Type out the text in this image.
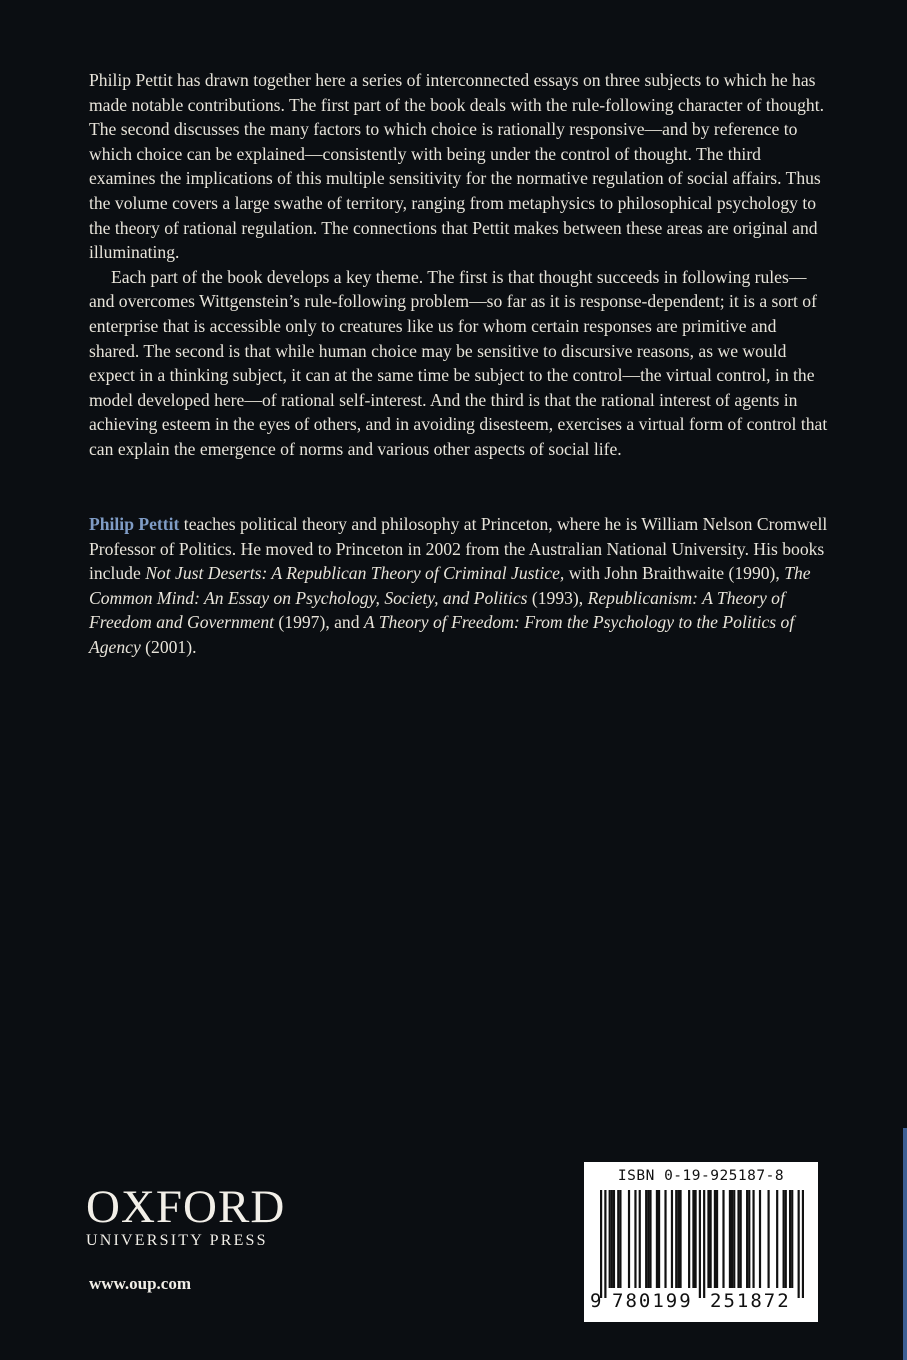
Philip Pettit has drawn together here a series of interconnected essays on three subjects to which he has made notable contributions. The first part of the book deals with the rule-following character of thought. The second discusses the many factors to which choice is rationally responsive—and by reference to which choice can be explained—consistently with being under the control of thought. The third examines the implications of this multiple sensitivity for the normative regulation of social affairs. Thus the volume covers a large swathe of territory, ranging from metaphysics to philosophical psychology to the theory of rational regulation. The connections that Pettit makes between these areas are original and illuminating.

Each part of the book develops a key theme. The first is that thought succeeds in following rules—and overcomes Wittgenstein’s rule-following problem—so far as it is response-dependent; it is a sort of enterprise that is accessible only to creatures like us for whom certain responses are primitive and shared. The second is that while human choice may be sensitive to discursive reasons, as we would expect in a thinking subject, it can at the same time be subject to the control—the virtual control, in the model developed here—of rational self-interest. And the third is that the rational interest of agents in achieving esteem in the eyes of others, and in avoiding disesteem, exercises a virtual form of control that can explain the emergence of norms and various other aspects of social life.

Philip Pettit teaches political theory and philosophy at Princeton, where he is William Nelson Cromwell Professor of Politics. He moved to Princeton in 2002 from the Australian National University. His books include Not Just Deserts: A Republican Theory of Criminal Justice, with John Braithwaite (1990), The Common Mind: An Essay on Psychology, Society, and Politics (1993), Republicanism: A Theory of Freedom and Government (1997), and A Theory of Freedom: From the Psychology to the Politics of Agency (2001).

OXFORD
UNIVERSITY PRESS
www.oup.com
ISBN 0-19-925187-8
9 780199 251872
